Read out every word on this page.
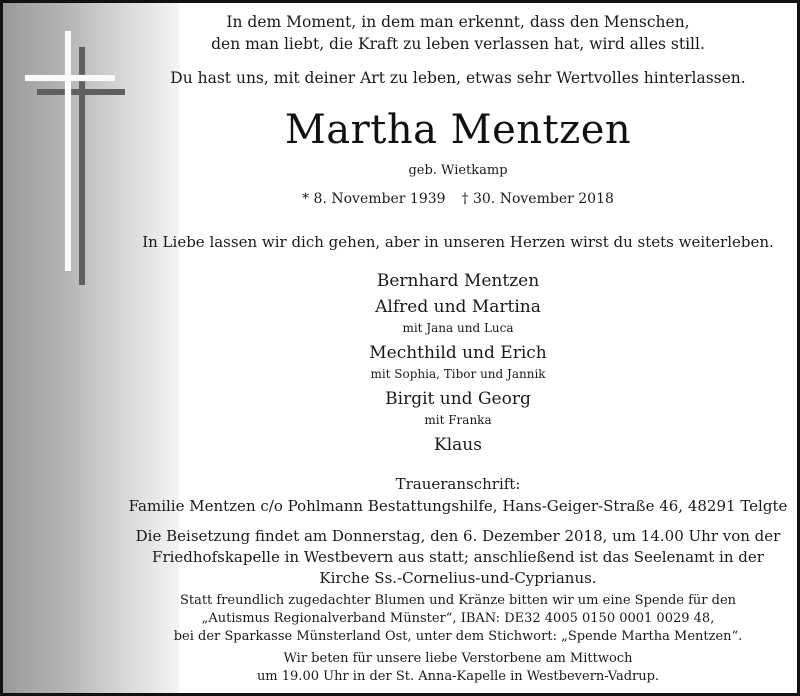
In dem Moment, in dem man erkennt, dass den Menschen,
den man liebt, die Kraft zu leben verlassen hat, wird alles still.
Du hast uns, mit deiner Art zu leben, etwas sehr Wertvolles hinterlassen.
Martha Mentzen
geb. Wietkamp
* 8. November 1939 † 30. November 2018
In Liebe lassen wir dich gehen, aber in unseren Herzen wirst du stets weiterleben.
Bernhard Mentzen
Alfred und Martina
mit Jana und Luca
Mechthild und Erich
mit Sophia, Tibor und Jannik
Birgit und Georg
mit Franka
Klaus
Traueranschrift:
Familie Mentzen c/o Pohlmann Bestattungshilfe, Hans-Geiger-Straße 46, 48291 Telgte
Die Beisetzung findet am Donnerstag, den 6. Dezember 2018, um 14.00 Uhr von der
Friedhofskapelle in Westbevern aus statt; anschließend ist das Seelenamt in der
Kirche Ss.-Cornelius-und-Cyprianus.
Statt freundlich zugedachter Blumen und Kränze bitten wir um eine Spende für den
„Autismus Regionalverband Münster“, IBAN: DE32 4005 0150 0001 0029 48,
bei der Sparkasse Münsterland Ost, unter dem Stichwort: „Spende Martha Mentzen“.
Wir beten für unsere liebe Verstorbene am Mittwoch
um 19.00 Uhr in der St. Anna-Kapelle in Westbevern-Vadrup.
